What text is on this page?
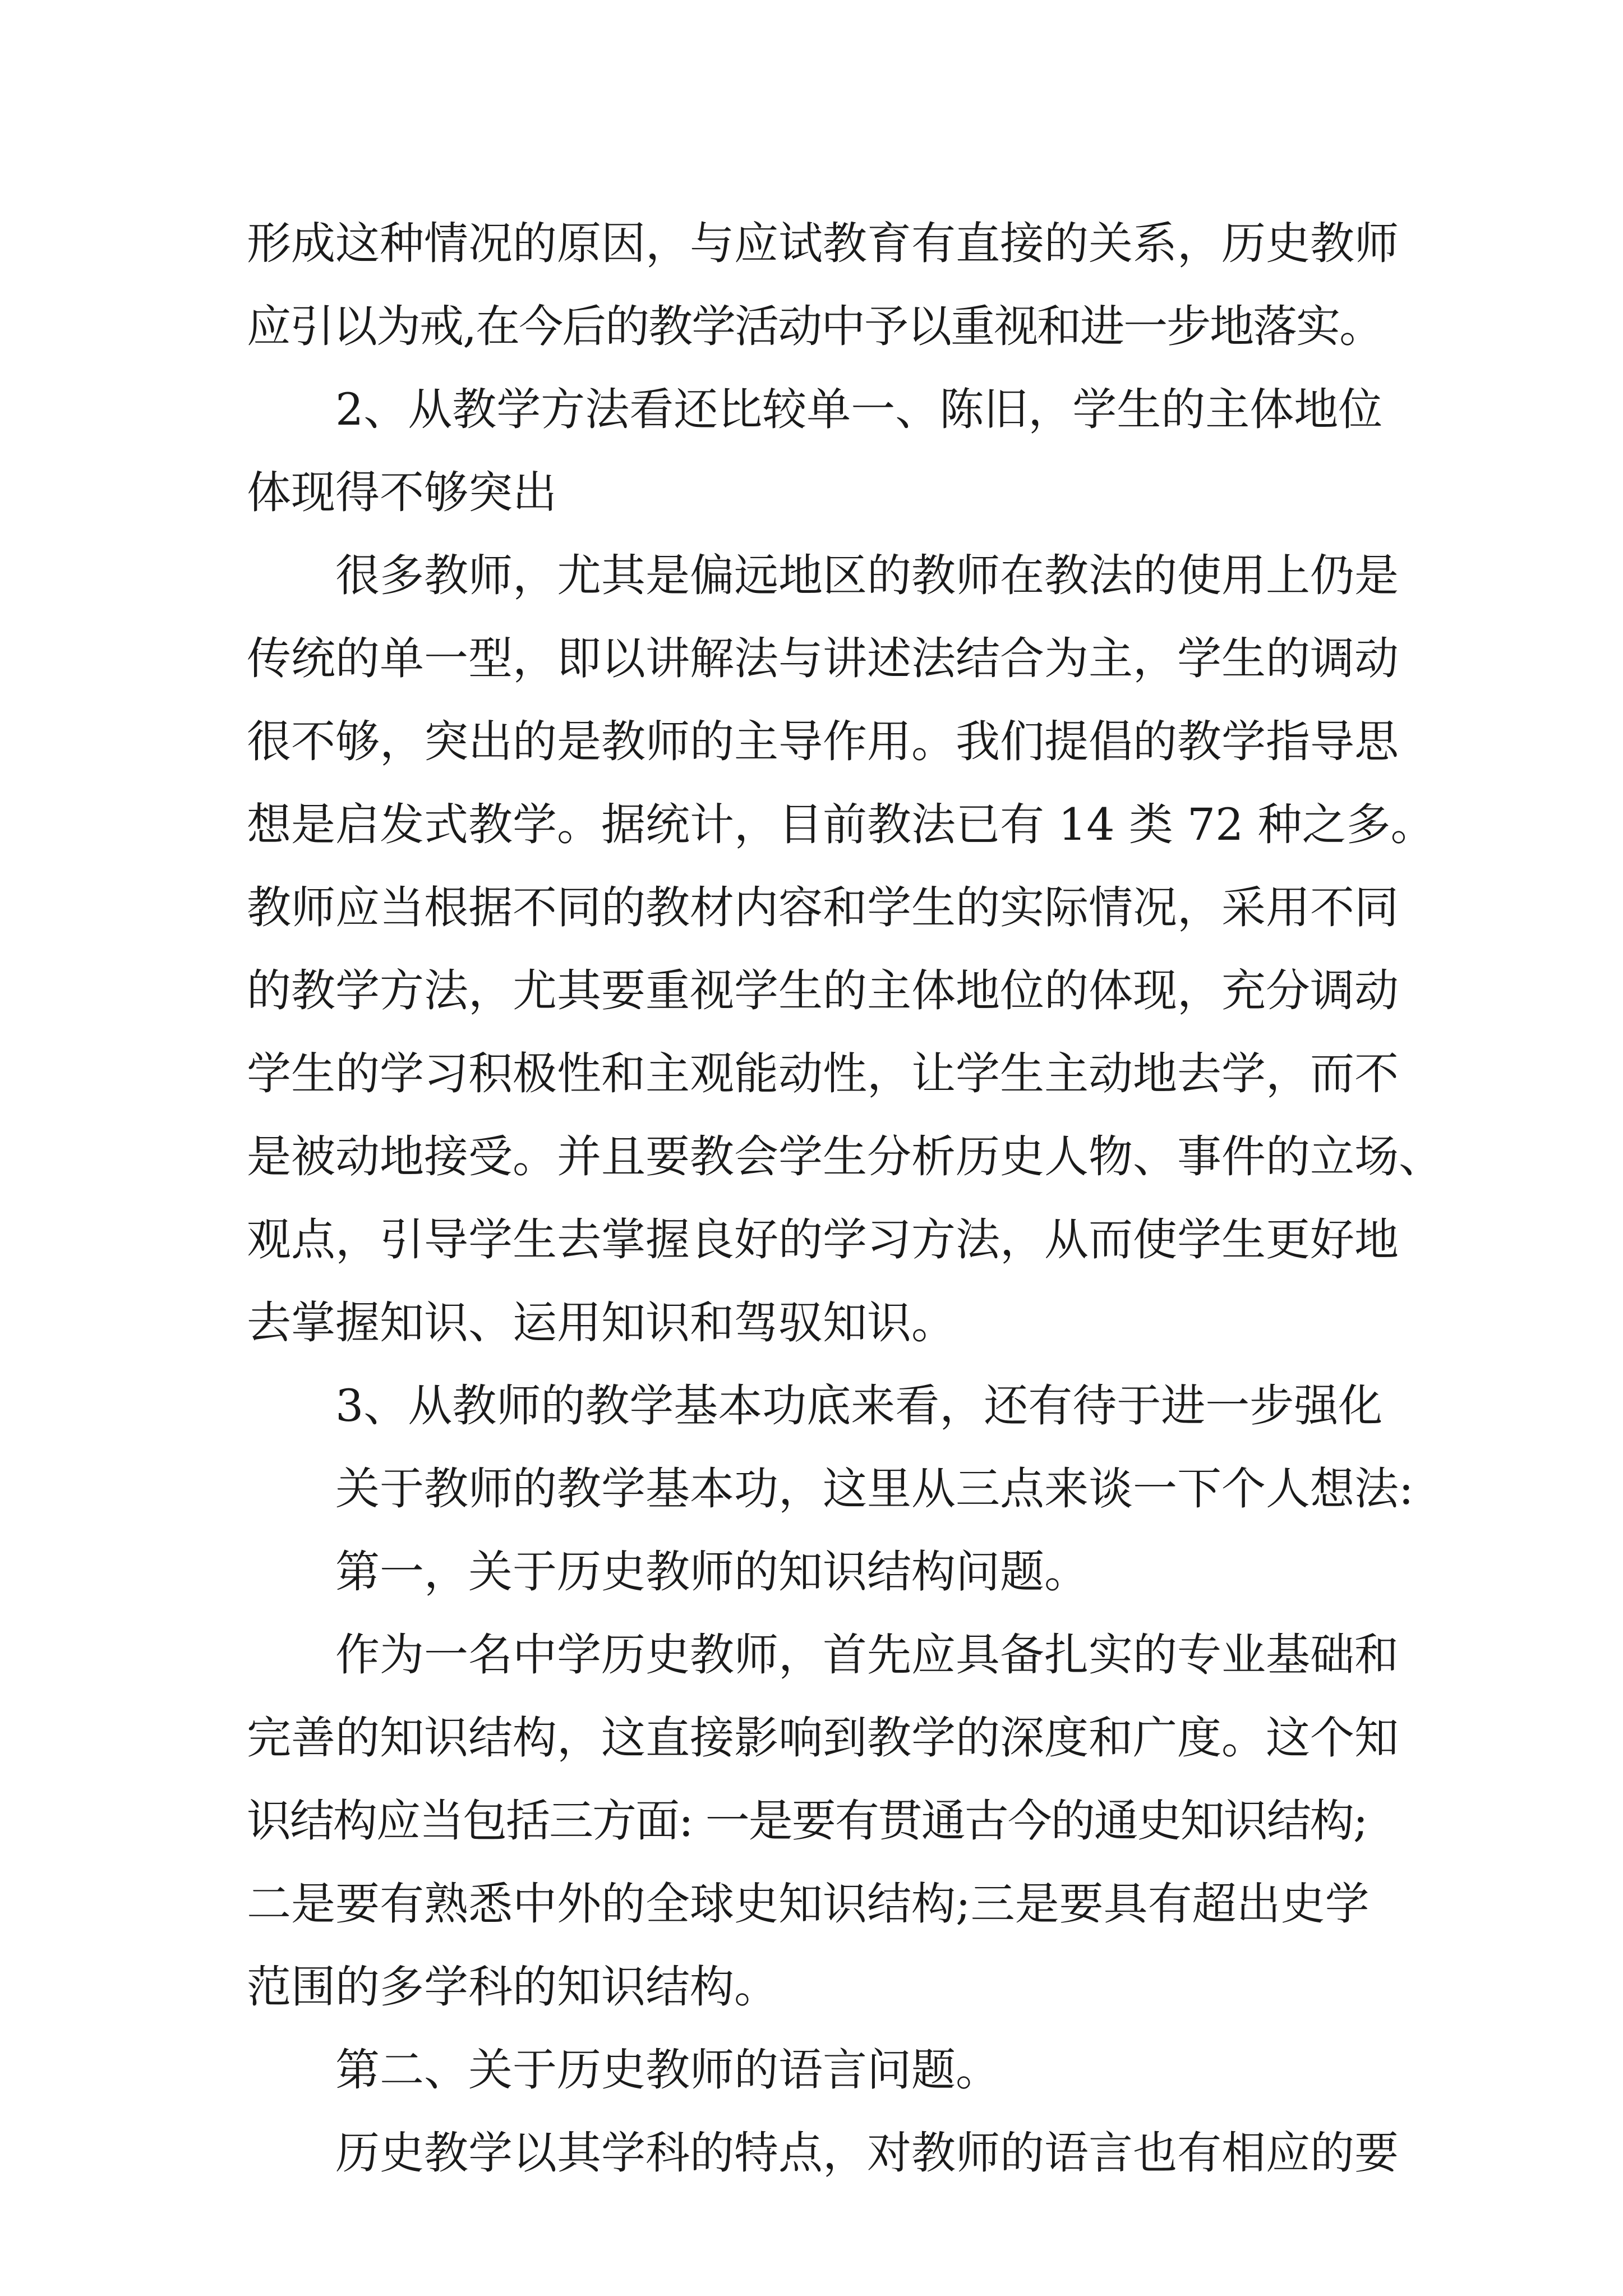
形成这种情况的原因，与应试教育有直接的关系，历史教师
应引以为戒,在今后的教学活动中予以重视和进一步地落实。
2、从教学方法看还比较单一、陈旧，学生的主体地位
体现得不够突出
很多教师，尤其是偏远地区的教师在教法的使用上仍是
传统的单一型，即以讲解法与讲述法结合为主，学生的调动
很不够，突出的是教师的主导作用。我们提倡的教学指导思
想是启发式教学。据统计，目前教法已有 14 类 72 种之多。
教师应当根据不同的教材内容和学生的实际情况，采用不同
的教学方法，尤其要重视学生的主体地位的体现，充分调动
学生的学习积极性和主观能动性，让学生主动地去学，而不
是被动地接受。并且要教会学生分析历史人物、事件的立场、
观点，引导学生去掌握良好的学习方法，从而使学生更好地
去掌握知识、运用知识和驾驭知识。
3、从教师的教学基本功底来看，还有待于进一步强化
关于教师的教学基本功，这里从三点来谈一下个人想法:
第一，关于历史教师的知识结构问题。
作为一名中学历史教师，首先应具备扎实的专业基础和
完善的知识结构，这直接影响到教学的深度和广度。这个知
识结构应当包括三方面: 一是要有贯通古今的通史知识结构;
二是要有熟悉中外的全球史知识结构;三是要具有超出史学
范围的多学科的知识结构。
第二、关于历史教师的语言问题。
历史教学以其学科的特点，对教师的语言也有相应的要
